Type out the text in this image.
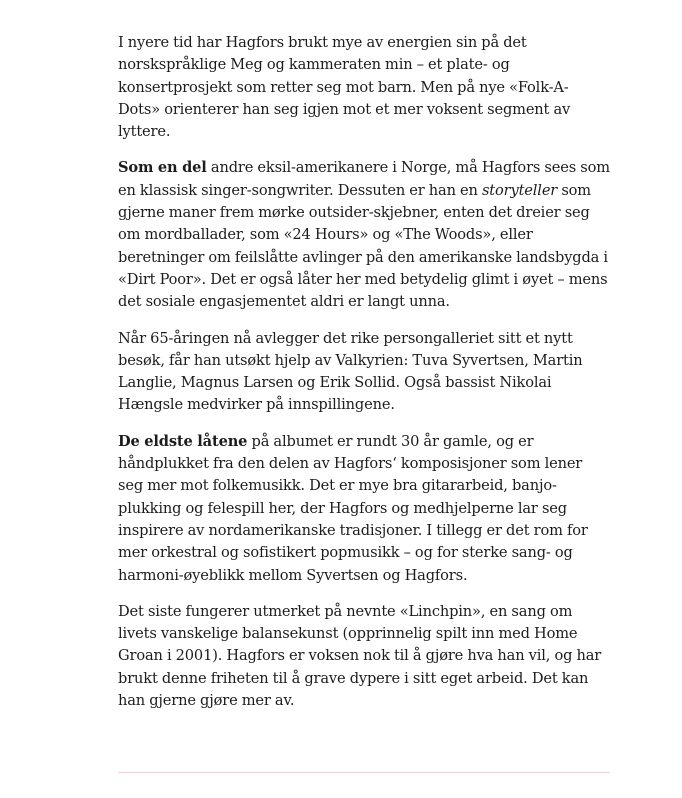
I nyere tid har Hagfors brukt mye av energien sin på det norskspråklige Meg og kammeraten min – et plate- og konsertprosjekt som retter seg mot barn. Men på nye «Folk-A-Dots» orienterer han seg igjen mot et mer voksent segment av lyttere.

Som en del andre eksil-amerikanere i Norge, må Hagfors sees som en klassisk singer-songwriter. Dessuten er han en storyteller som gjerne maner frem mørke outsider-skjebner, enten det dreier seg om mordballader, som «24 Hours» og «The Woods», eller beretninger om feilslåtte avlinger på den amerikanske landsbygda i «Dirt Poor». Det er også låter her med betydelig glimt i øyet – mens det sosiale engasjementet aldri er langt unna.

Når 65-åringen nå avlegger det rike persongalleriet sitt et nytt besøk, får han utsøkt hjelp av Valkyrien: Tuva Syvertsen, Martin Langlie, Magnus Larsen og Erik Sollid. Også bassist Nikolai Hængsle medvirker på innspillingene.

De eldste låtene på albumet er rundt 30 år gamle, og er håndplukket fra den delen av Hagfors‘ komposisjoner som lener seg mer mot folkemusikk. Det er mye bra gitararbeid, banjo-plukking og felespill her, der Hagfors og medhjelperne lar seg inspirere av nordamerikanske tradisjoner. I tillegg er det rom for mer orkestral og sofistikert popmusikk – og for sterke sang- og harmoni-øyeblikk mellom Syvertsen og Hagfors.

Det siste fungerer utmerket på nevnte «Linchpin», en sang om livets vanskelige balansekunst (opprinnelig spilt inn med Home Groan i 2001). Hagfors er voksen nok til å gjøre hva han vil, og har brukt denne friheten til å grave dypere i sitt eget arbeid. Det kan han gjerne gjøre mer av.
